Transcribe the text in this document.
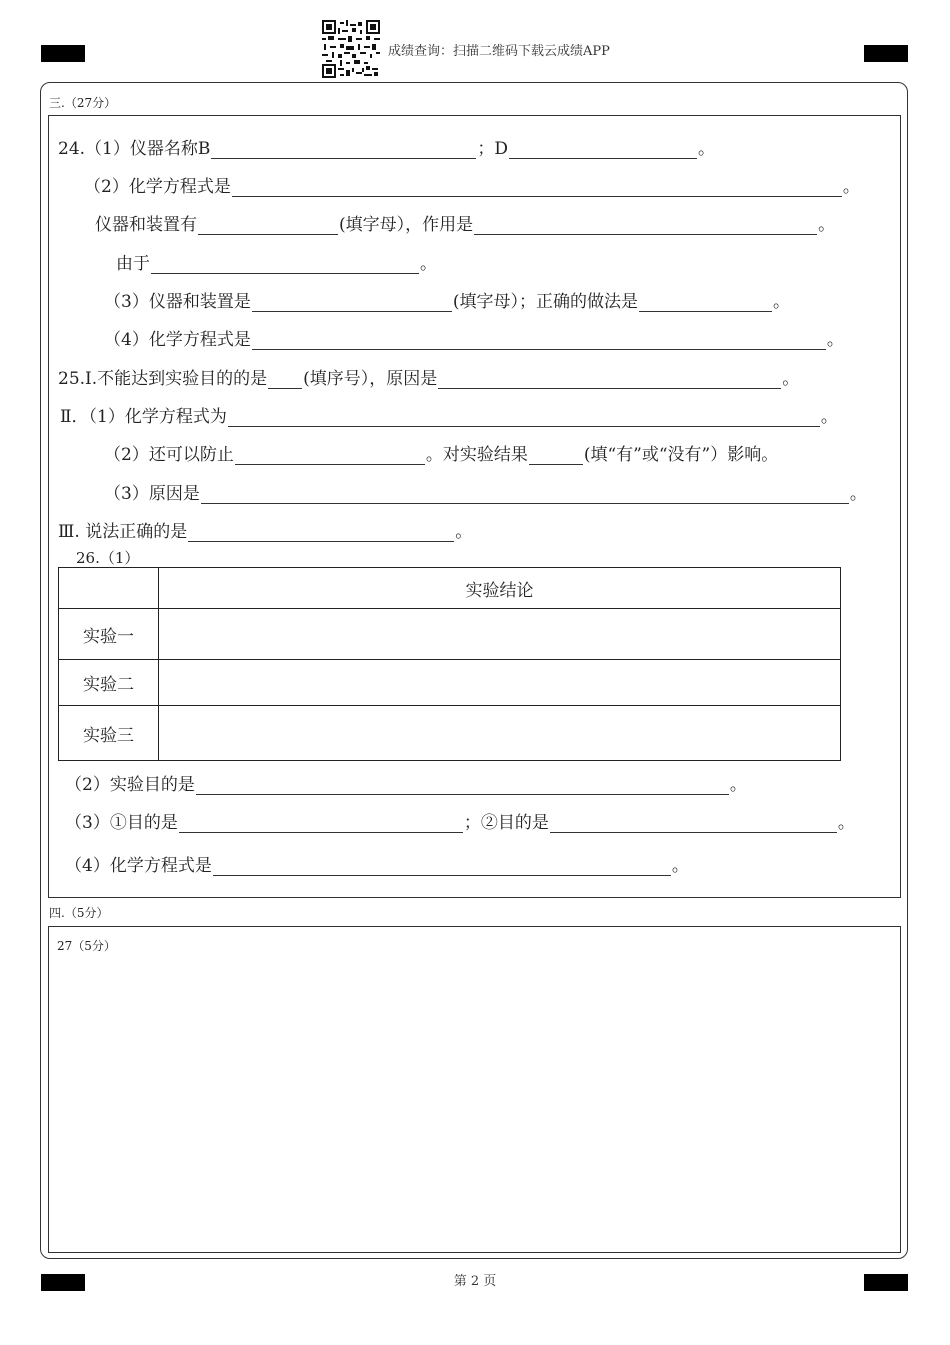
成绩查询：扫描二维码下载云成绩APP
三.（27分）
24.（1）仪器名称B	；D	。
（2）化学方程式是	。
仪器和装置有	(填字母），作用是	。
由于	。
（3）仪器和装置是	(填字母）；正确的做法是	。
（4）化学方程式是	。
25.Ⅰ.不能达到实验目的的是 (填序号），原因是	。
Ⅱ．（1）化学方程式为	。
（2）还可以防止	。对实验结果	(填“有”或“没有”）影响。
（3）原因是	。
Ⅲ. 说法正确的是	。
26.（1）
	实验结论
实验一	
实验二	
实验三	
（2）实验目的是	。
（3）①目的是	；②目的是	。
（4）化学方程式是	。
四.（5分）
27（5分）
第 2 页
